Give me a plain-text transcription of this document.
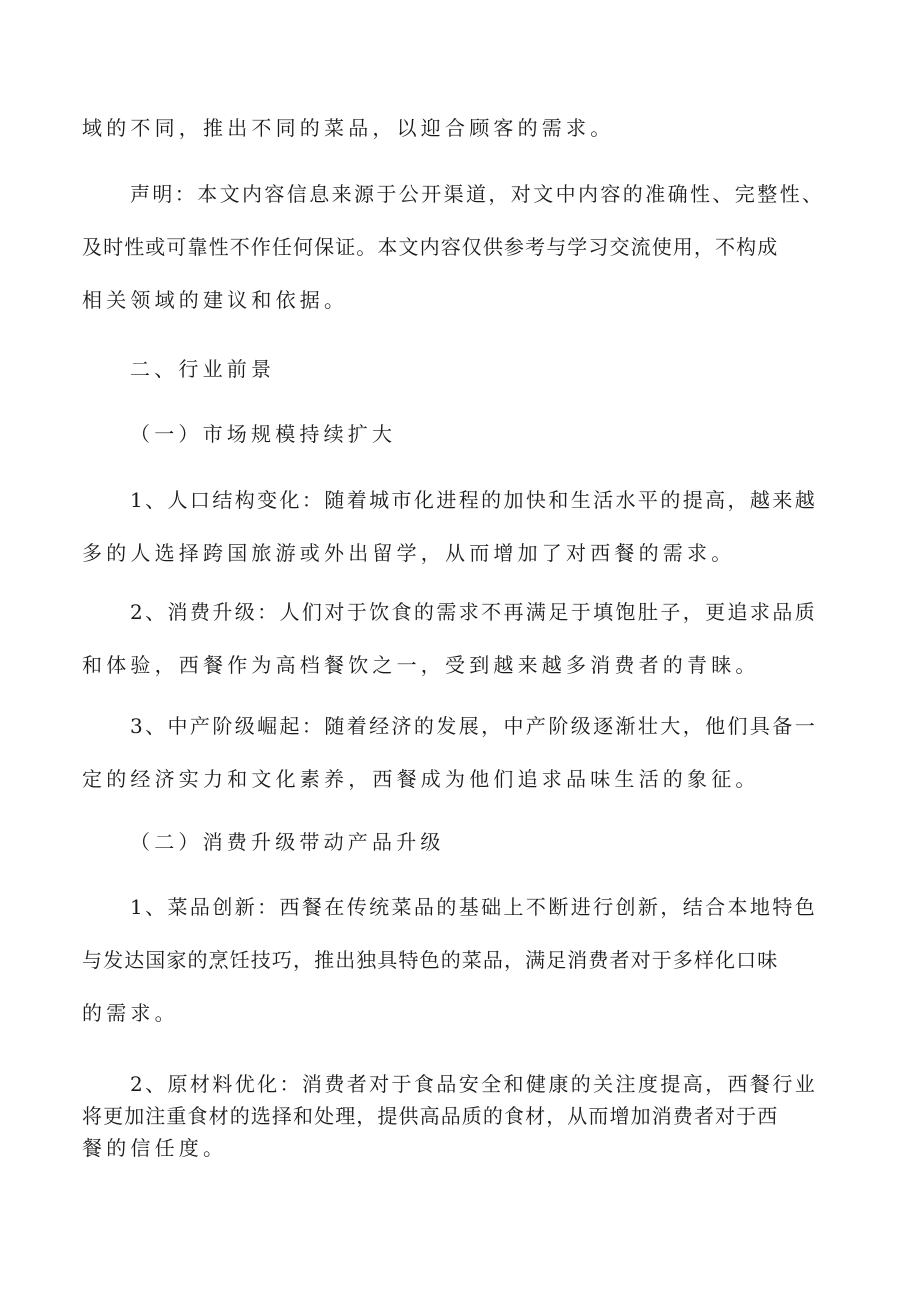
域的不同，推出不同的菜品，以迎合顾客的需求。
声明：本文内容信息来源于公开渠道，对文中内容的准确性、完整性、
及时性或可靠性不作任何保证。本文内容仅供参考与学习交流使用，不构成
相关领域的建议和依据。
二、行业前景
（一）市场规模持续扩大
1、人口结构变化：随着城市化进程的加快和生活水平的提高，越来越
多的人选择跨国旅游或外出留学，从而增加了对西餐的需求。
2、消费升级：人们对于饮食的需求不再满足于填饱肚子，更追求品质
和体验，西餐作为高档餐饮之一，受到越来越多消费者的青睐。
3、中产阶级崛起：随着经济的发展，中产阶级逐渐壮大，他们具备一
定的经济实力和文化素养，西餐成为他们追求品味生活的象征。
（二）消费升级带动产品升级
1、菜品创新：西餐在传统菜品的基础上不断进行创新，结合本地特色
与发达国家的烹饪技巧，推出独具特色的菜品，满足消费者对于多样化口味
的需求。
2、原材料优化：消费者对于食品安全和健康的关注度提高，西餐行业
将更加注重食材的选择和处理，提供高品质的食材，从而增加消费者对于西
餐的信任度。
